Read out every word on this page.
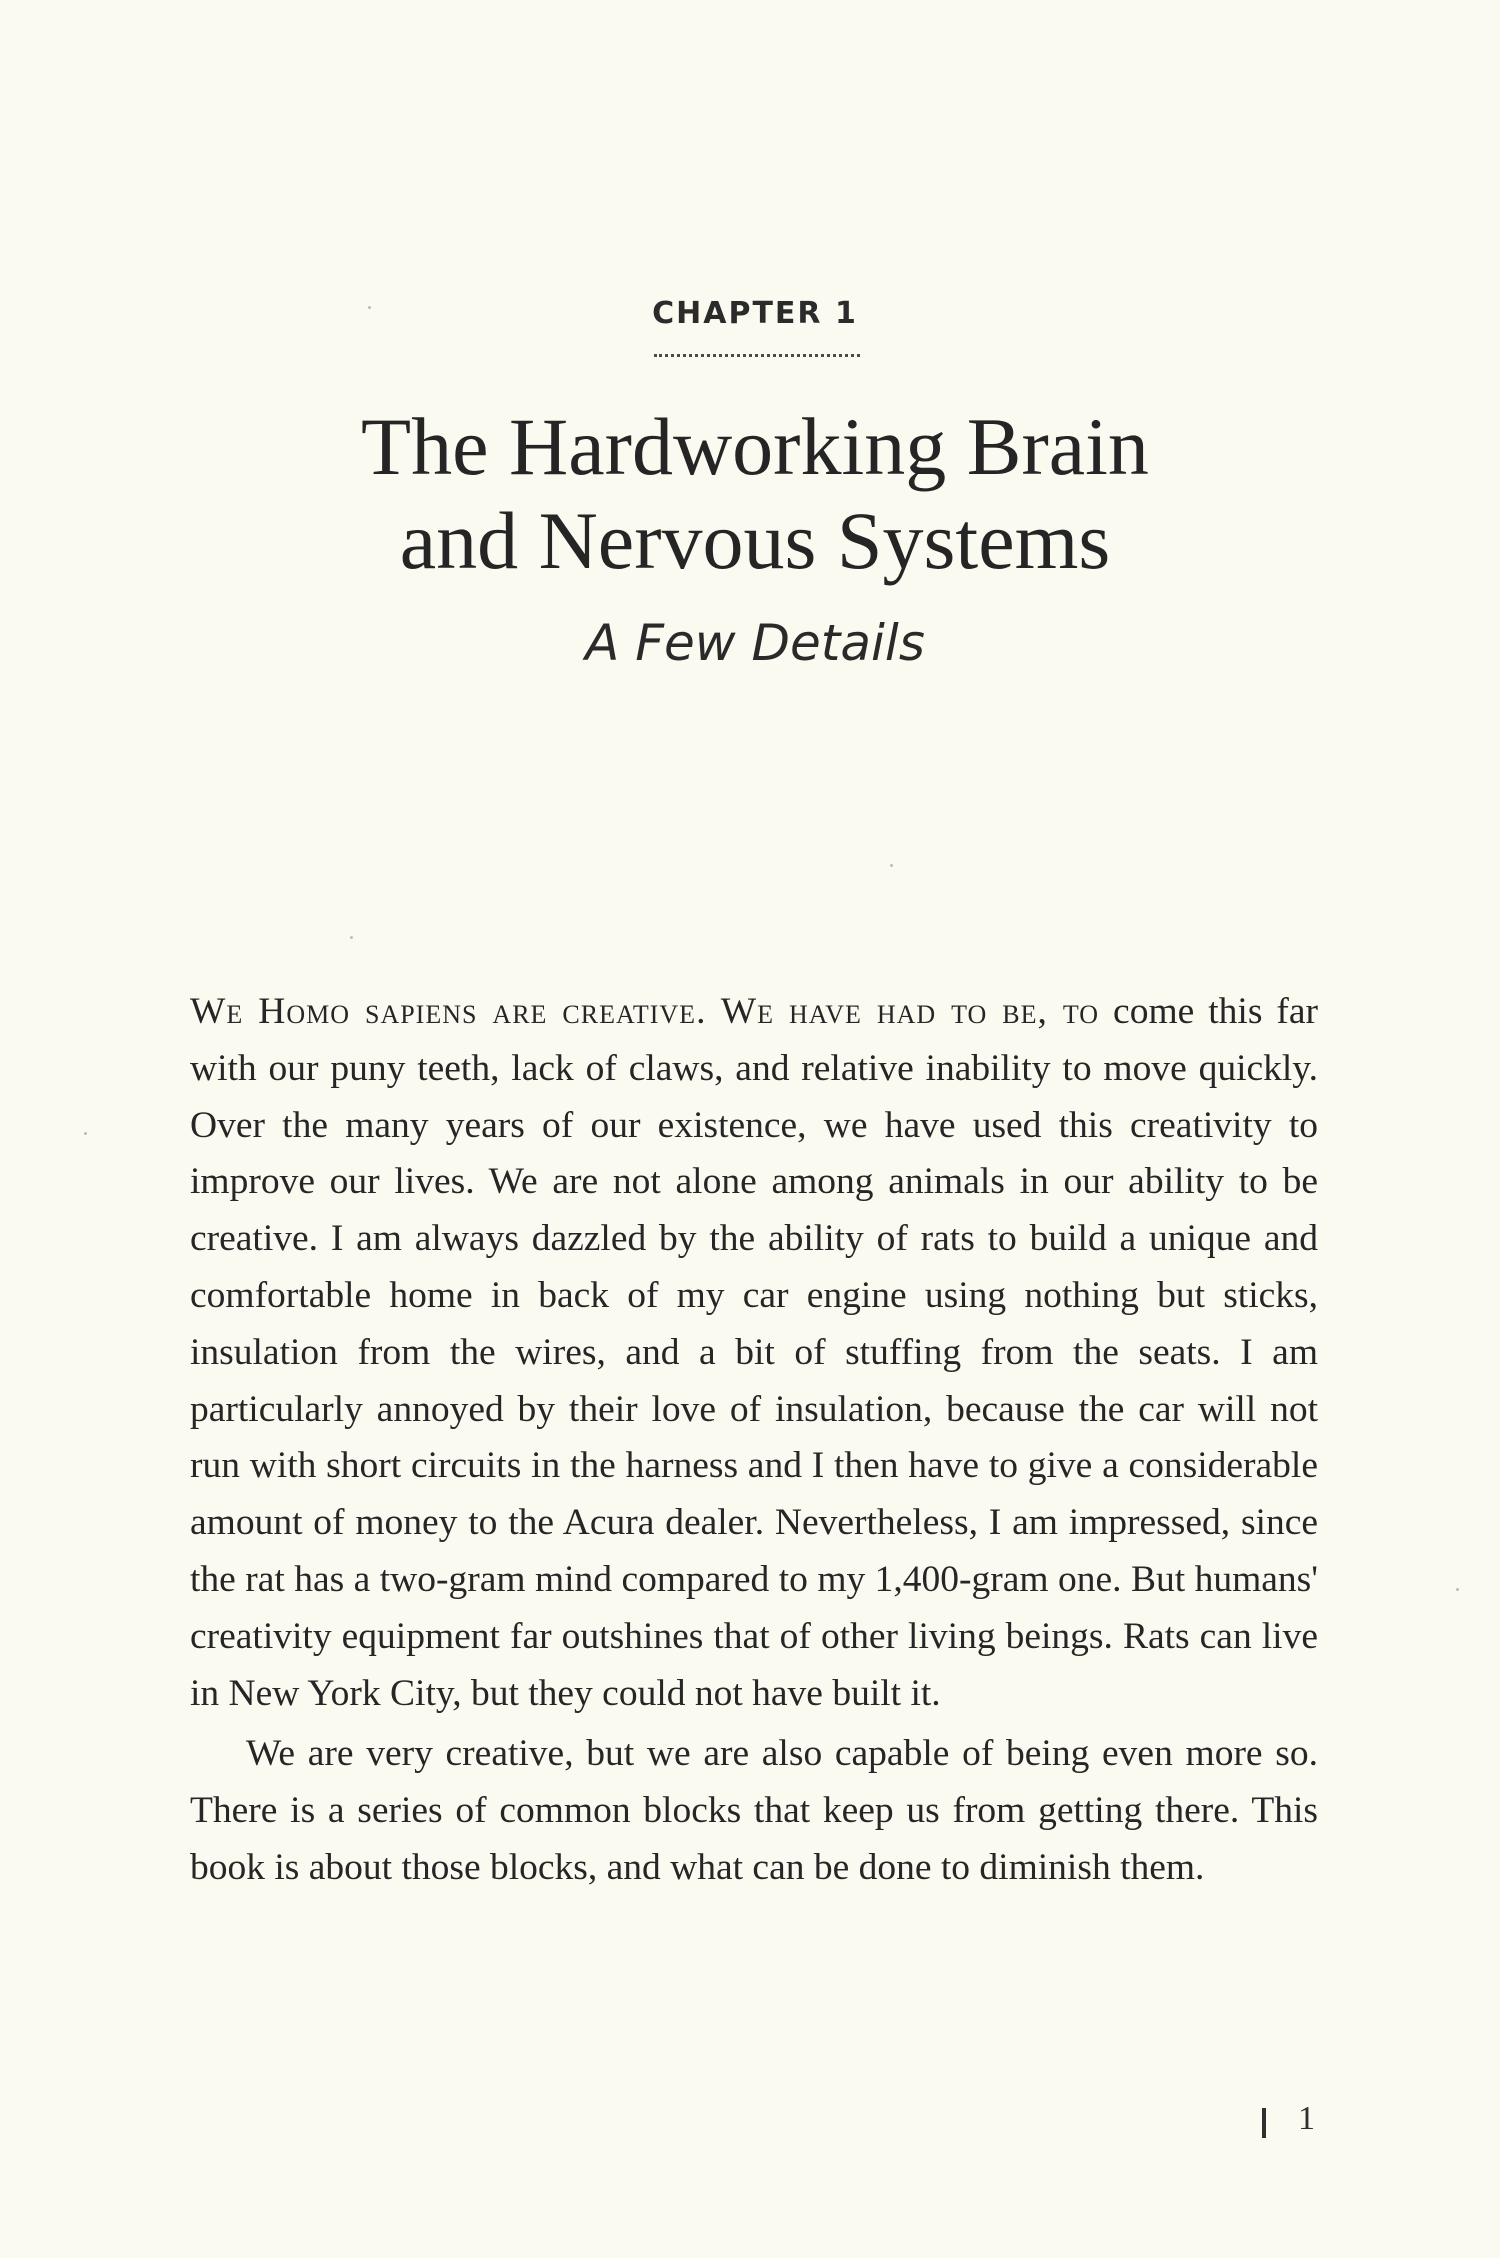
CHAPTER 1
The Hardworking Brain
and Nervous Systems
A Few Details

We Homo sapiens are creative. We have had to be, to come this far with our puny teeth, lack of claws, and relative inability to move quickly. Over the many years of our existence, we have used this creativity to improve our lives. We are not alone among animals in our ability to be creative. I am always dazzled by the ability of rats to build a unique and comfortable home in back of my car engine using nothing but sticks, insulation from the wires, and a bit of stuffing from the seats. I am particularly annoyed by their love of insulation, because the car will not run with short circuits in the harness and I then have to give a considerable amount of money to the Acura dealer. Nevertheless, I am impressed, since the rat has a two-gram mind compared to my 1,400-gram one. But humans' creativity equipment far outshines that of other living beings. Rats can live in New York City, but they could not have built it.

We are very creative, but we are also capable of being even more so. There is a series of common blocks that keep us from getting there. This book is about those blocks, and what can be done to diminish them.

1
